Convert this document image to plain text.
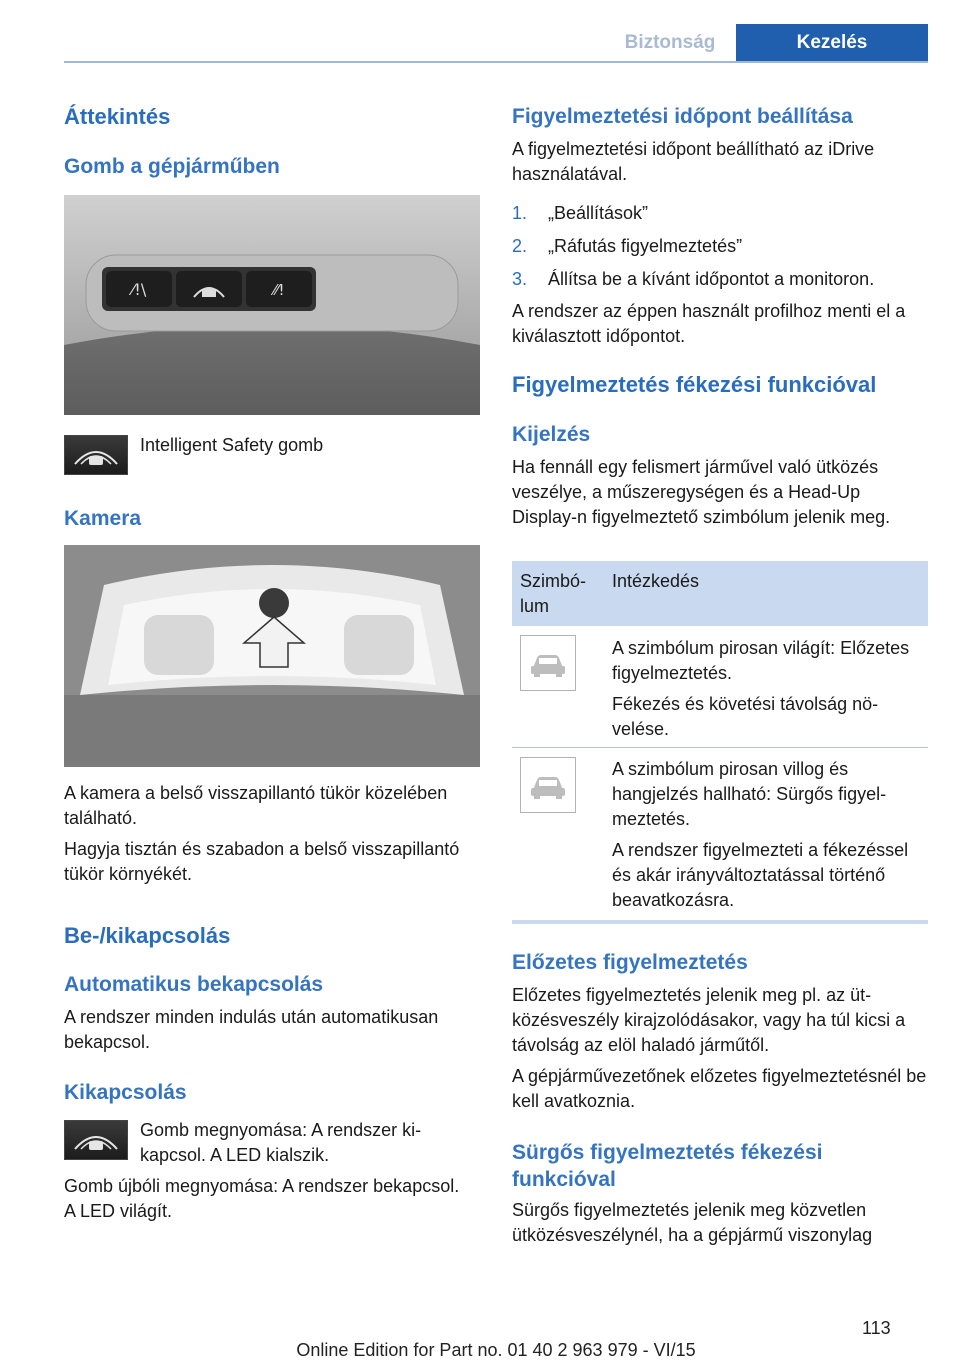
Biztonság	Kezelés
Áttekintés
Gomb a gépjárműben
⁄!\	⁄⁄!
Intelligent Safety gomb
Kamera
A kamera a belső visszapillantó tükör közelében található.
Hagyja tisztán és szabadon a belső visszapillantó tükör környékét.
Be-/kikapcsolás
Automatikus bekapcsolás
A rendszer minden indulás után automatikusan bekapcsol.
Kikapcsolás
Gomb megnyomása: A rendszer kikapcsol. A LED kialszik.
Gomb újbóli megnyomása: A rendszer bekapcsol. A LED világít.
Figyelmeztetési időpont beállítása
A figyelmeztetési időpont beállítható az iDrive használatával.
1. „Beállítások”
2. „Ráfutás figyelmeztetés”
3. Állítsa be a kívánt időpontot a monitoron.
A rendszer az éppen használt profilhoz menti el a kiválasztott időpontot.
Figyelmeztetés fékezési funkcióval
Kijelzés
Ha fennáll egy felismert járművel való ütközés veszélye, a műszeregységen és a Head-Up Display-n figyelmeztető szimbólum jelenik meg.
Szimbólum
Intézkedés
A szimbólum pirosan világít: Előzetes figyelmeztetés.
Fékezés és követési távolság növelése.
A szimbólum pirosan villog és hangjelzés hallható: Sürgős figyelmeztetés.
A rendszer figyelmezteti a fékezéssel és akár irányváltoztatással történő beavatkozásra.
Előzetes figyelmeztetés
Előzetes figyelmeztetés jelenik meg pl. az ütközésveszély kirajzolódásakor, vagy ha túl kicsi a távolság az elöl haladó járműtől.
A gépjárművezetőnek előzetes figyelmeztetésnél be kell avatkoznia.
Sürgős figyelmeztetés fékezési funkcióval
Sürgős figyelmeztetés jelenik meg közvetlen ütközésveszélynél, ha a gépjármű viszonylag
113
Online Edition for Part no. 01 40 2 963 979 - VI/15
